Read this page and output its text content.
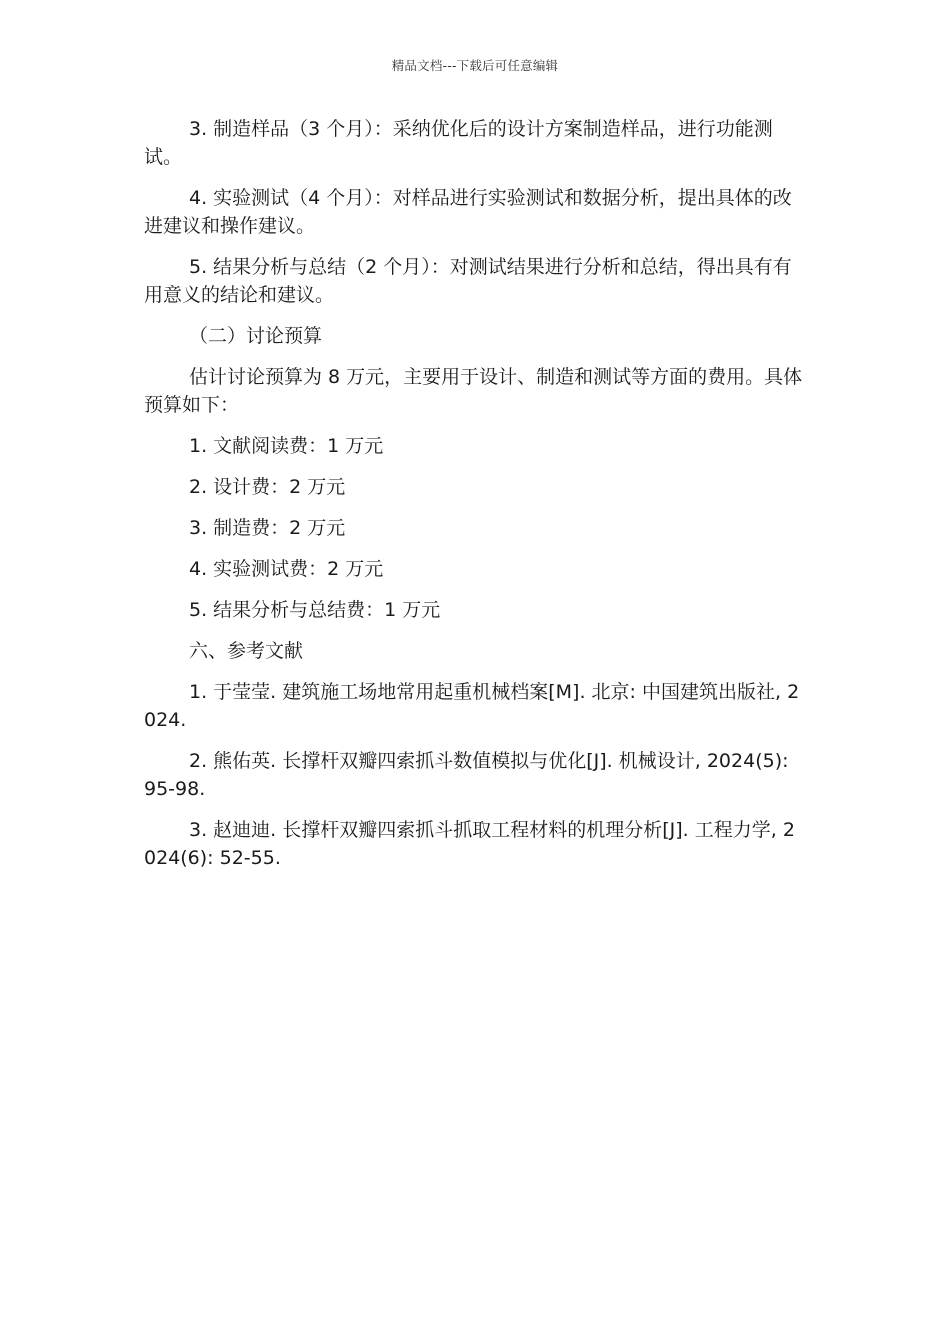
精品文档---下载后可任意编辑

3. 制造样品（3 个月）：采纳优化后的设计方案制造样品，进行功能测试。

4. 实验测试（4 个月）：对样品进行实验测试和数据分析，提出具体的改进建议和操作建议。

5. 结果分析与总结（2 个月）：对测试结果进行分析和总结，得出具有有用意义的结论和建议。

（二）讨论预算

估计讨论预算为 8 万元，主要用于设计、制造和测试等方面的费用。具体预算如下：

1. 文献阅读费：1 万元

2. 设计费：2 万元

3. 制造费：2 万元

4. 实验测试费：2 万元

5. 结果分析与总结费：1 万元

六、参考文献

1. 于莹莹. 建筑施工场地常用起重机械档案[M]. 北京: 中国建筑出版社, 2024.

2. 熊佑英. 长撑杆双瓣四索抓斗数值模拟与优化[J]. 机械设计, 2024(5): 95-98.

3. 赵迪迪. 长撑杆双瓣四索抓斗抓取工程材料的机理分析[J]. 工程力学, 2024(6): 52-55.
